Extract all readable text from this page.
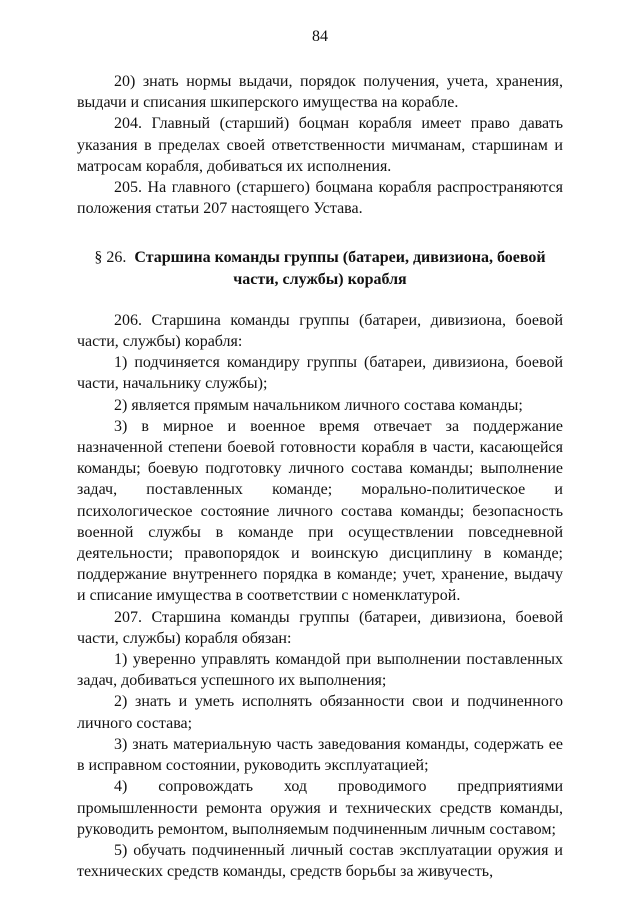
84

20) знать нормы выдачи, порядок получения, учета, хранения, выдачи и списания шкиперского имущества на корабле.

204. Главный (старший) боцман корабля имеет право давать указания в пределах своей ответственности мичманам, старшинам и матросам корабля, добиваться их исполнения.

205. На главного (старшего) боцмана корабля распространяются положения статьи 207 настоящего Устава.

§ 26. Старшина команды группы (батареи, дивизиона, боевой части, службы) корабля

206. Старшина команды группы (батареи, дивизиона, боевой части, службы) корабля:

1) подчиняется командиру группы (батареи, дивизиона, боевой части, начальнику службы);

2) является прямым начальником личного состава команды;

3) в мирное и военное время отвечает за поддержание назначенной степени боевой готовности корабля в части, касающейся команды; боевую подготовку личного состава команды; выполнение задач, поставленных команде; морально-политическое и психологическое состояние личного состава команды; безопасность военной службы в команде при осуществлении повседневной деятельности; правопорядок и воинскую дисциплину в команде; поддержание внутреннего порядка в команде; учет, хранение, выдачу и списание имущества в соответствии с номенклатурой.

207. Старшина команды группы (батареи, дивизиона, боевой части, службы) корабля обязан:

1) уверенно управлять командой при выполнении поставленных задач, добиваться успешного их выполнения;

2) знать и уметь исполнять обязанности свои и подчиненного личного состава;

3) знать материальную часть заведования команды, содержать ее в исправном состоянии, руководить эксплуатацией;

4) сопровождать ход проводимого предприятиями промышленности ремонта оружия и технических средств команды, руководить ремонтом, выполняемым подчиненным личным составом;

5) обучать подчиненный личный состав эксплуатации оружия и технических средств команды, средств борьбы за живучесть,
